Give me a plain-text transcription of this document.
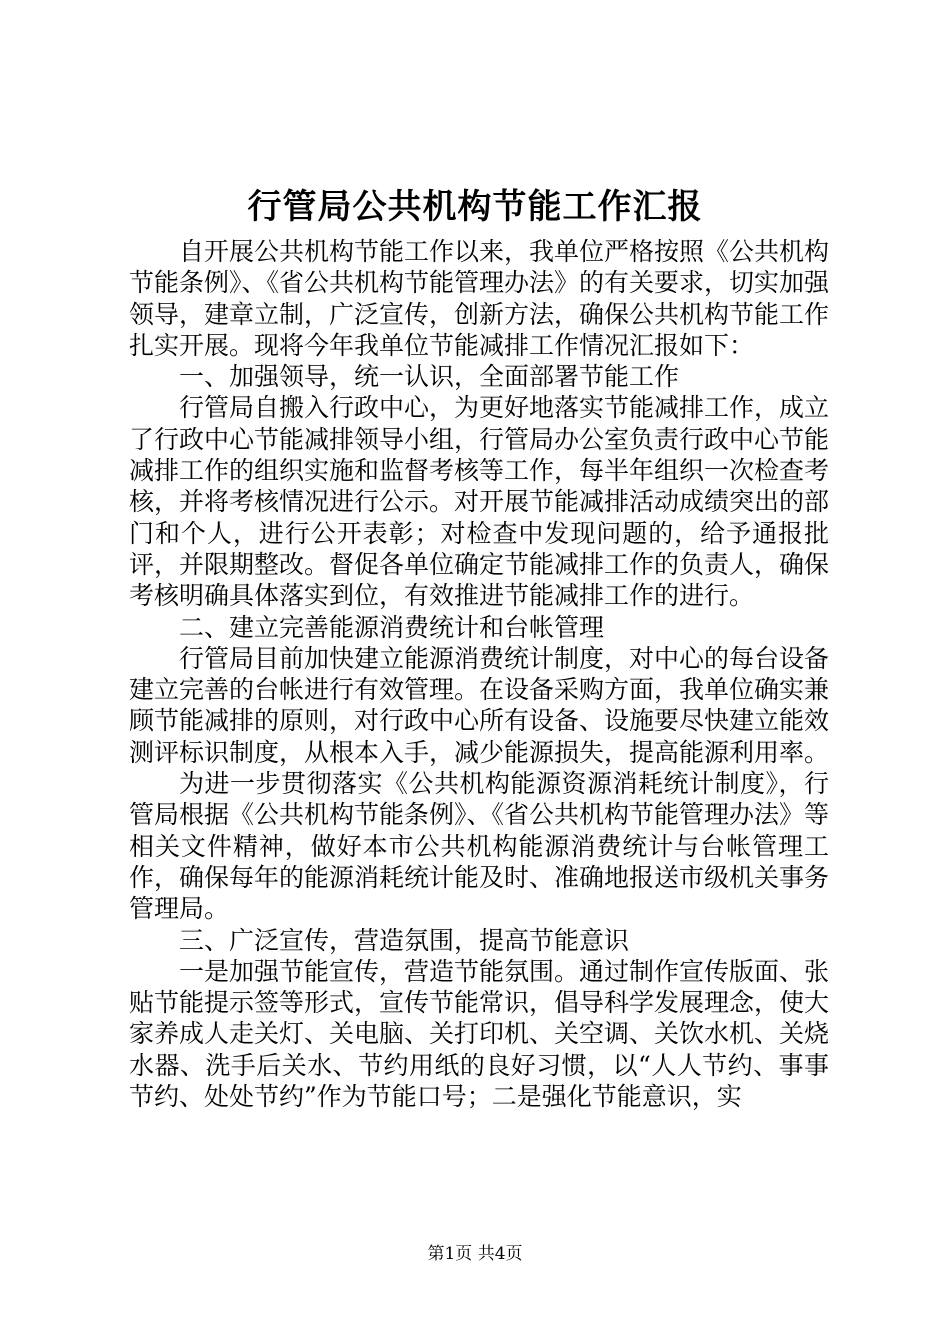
行管局公共机构节能工作汇报

自开展公共机构节能工作以来，我单位严格按照《公共机构节能条例》、《省公共机构节能管理办法》的有关要求，切实加强领导，建章立制，广泛宣传，创新方法，确保公共机构节能工作扎实开展。现将今年我单位节能减排工作情况汇报如下：

一、加强领导，统一认识，全面部署节能工作

行管局自搬入行政中心，为更好地落实节能减排工作，成立了行政中心节能减排领导小组，行管局办公室负责行政中心节能减排工作的组织实施和监督考核等工作，每半年组织一次检查考核，并将考核情况进行公示。对开展节能减排活动成绩突出的部门和个人，进行公开表彰；对检查中发现问题的，给予通报批评，并限期整改。督促各单位确定节能减排工作的负责人，确保考核明确具体落实到位，有效推进节能减排工作的进行。

二、建立完善能源消费统计和台帐管理

行管局目前加快建立能源消费统计制度，对中心的每台设备建立完善的台帐进行有效管理。在设备采购方面，我单位确实兼顾节能减排的原则，对行政中心所有设备、设施要尽快建立能效测评标识制度，从根本入手，减少能源损失，提高能源利用率。

为进一步贯彻落实《公共机构能源资源消耗统计制度》，行管局根据《公共机构节能条例》、《省公共机构节能管理办法》等相关文件精神，做好本市公共机构能源消费统计与台帐管理工作，确保每年的能源消耗统计能及时、准确地报送市级机关事务管理局。

三、广泛宣传，营造氛围，提高节能意识

一是加强节能宣传，营造节能氛围。通过制作宣传版面、张贴节能提示签等形式，宣传节能常识，倡导科学发展理念，使大家养成人走关灯、关电脑、关打印机、关空调、关饮水机、关烧水器、洗手后关水、节约用纸的良好习惯，以“人人节约、事事节约、处处节约”作为节能口号；二是强化节能意识，实

第1页 共4页
